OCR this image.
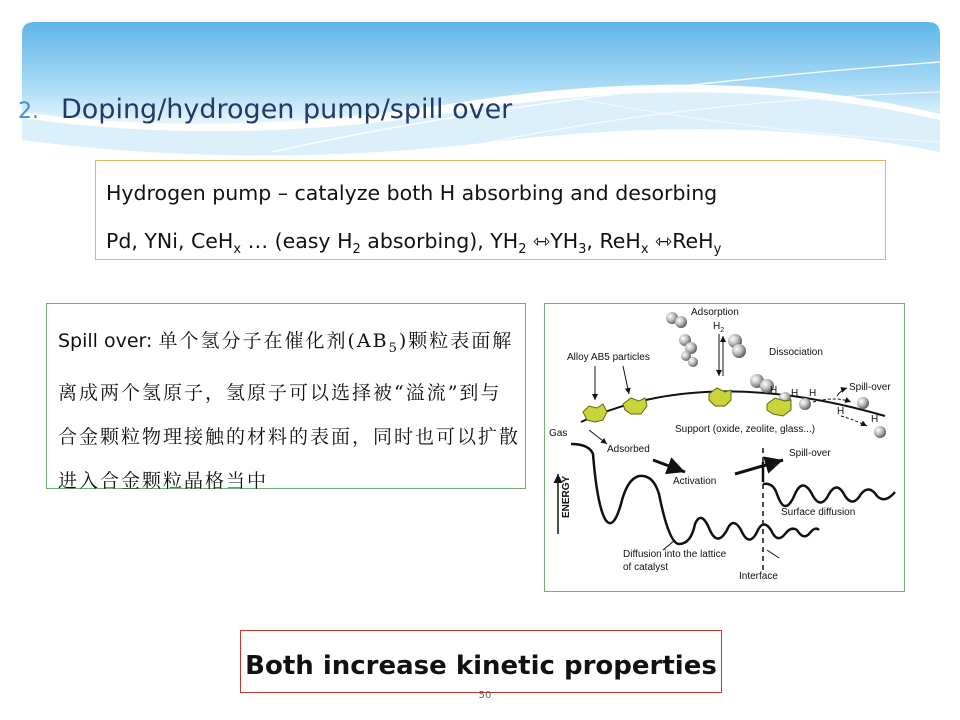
2. Doping/hydrogen pump/spill over
Hydrogen pump – catalyze both H absorbing and desorbing
Pd, YNi, CeH$_x$ … (easy $H_2$ absorbing), $YH_2$ $⇿YH_3$, ReH$_x$ ⇿ReH$_y$
Spill over: 单个氢分子在催化剂$(AB_5)$颗粒表面解离成两个氢原子，氢原子可以选择被“溢流”到与合金颗粒物理接触的材料的表面，同时也可以扩散进入合金颗粒晶格当中
Adsorption
$H_2$
Dissociation
Alloy AB5 particles
H H H
H
H
Spill-over
Gas	Support (oxide, zeolite, glass...)
Adsorbed	Spill-over
Activation
ENERGY	Surface diffusion
Diffusion into the lattice
of catalyst
Interface
Both increase kinetic properties
50
